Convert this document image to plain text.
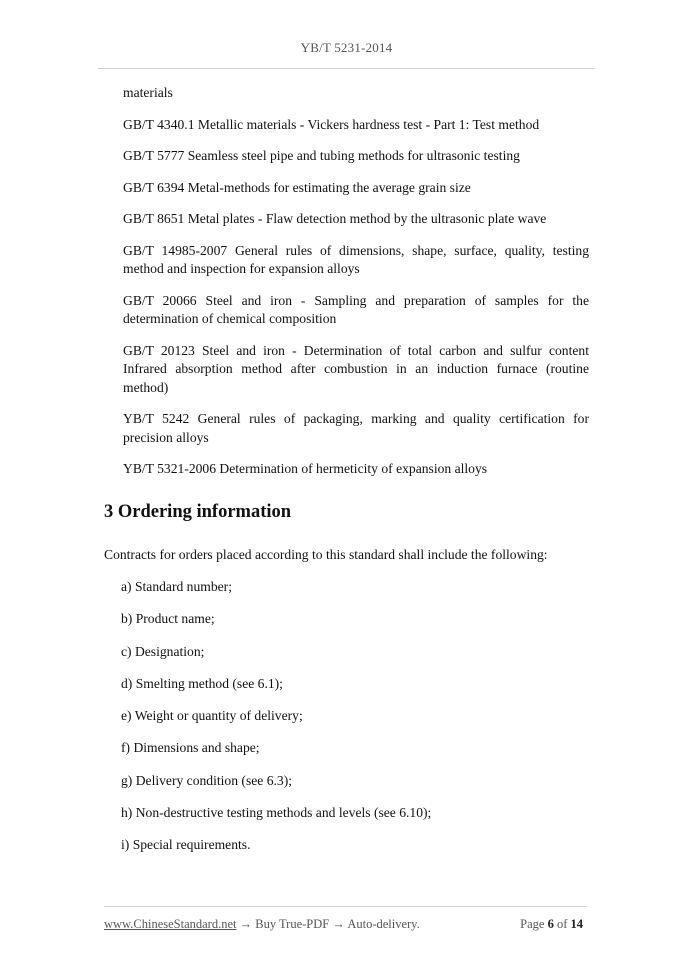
YB/T 5231-2014

materials

GB/T 4340.1 Metallic materials - Vickers hardness test - Part 1: Test method

GB/T 5777 Seamless steel pipe and tubing methods for ultrasonic testing

GB/T 6394 Metal-methods for estimating the average grain size

GB/T 8651 Metal plates - Flaw detection method by the ultrasonic plate wave

GB/T 14985-2007 General rules of dimensions, shape, surface, quality, testing method and inspection for expansion alloys

GB/T 20066 Steel and iron - Sampling and preparation of samples for the determination of chemical composition

GB/T 20123 Steel and iron - Determination of total carbon and sulfur content Infrared absorption method after combustion in an induction furnace (routine method)

YB/T 5242 General rules of packaging, marking and quality certification for precision alloys

YB/T 5321-2006 Determination of hermeticity of expansion alloys

3 Ordering information

Contracts for orders placed according to this standard shall include the following:

a) Standard number;
b) Product name;
c) Designation;
d) Smelting method (see 6.1);
e) Weight or quantity of delivery;
f) Dimensions and shape;
g) Delivery condition (see 6.3);
h) Non-destructive testing methods and levels (see 6.10);
i) Special requirements.
www.ChineseStandard.net → Buy True-PDF → Auto-delivery.	Page 6 of 14
